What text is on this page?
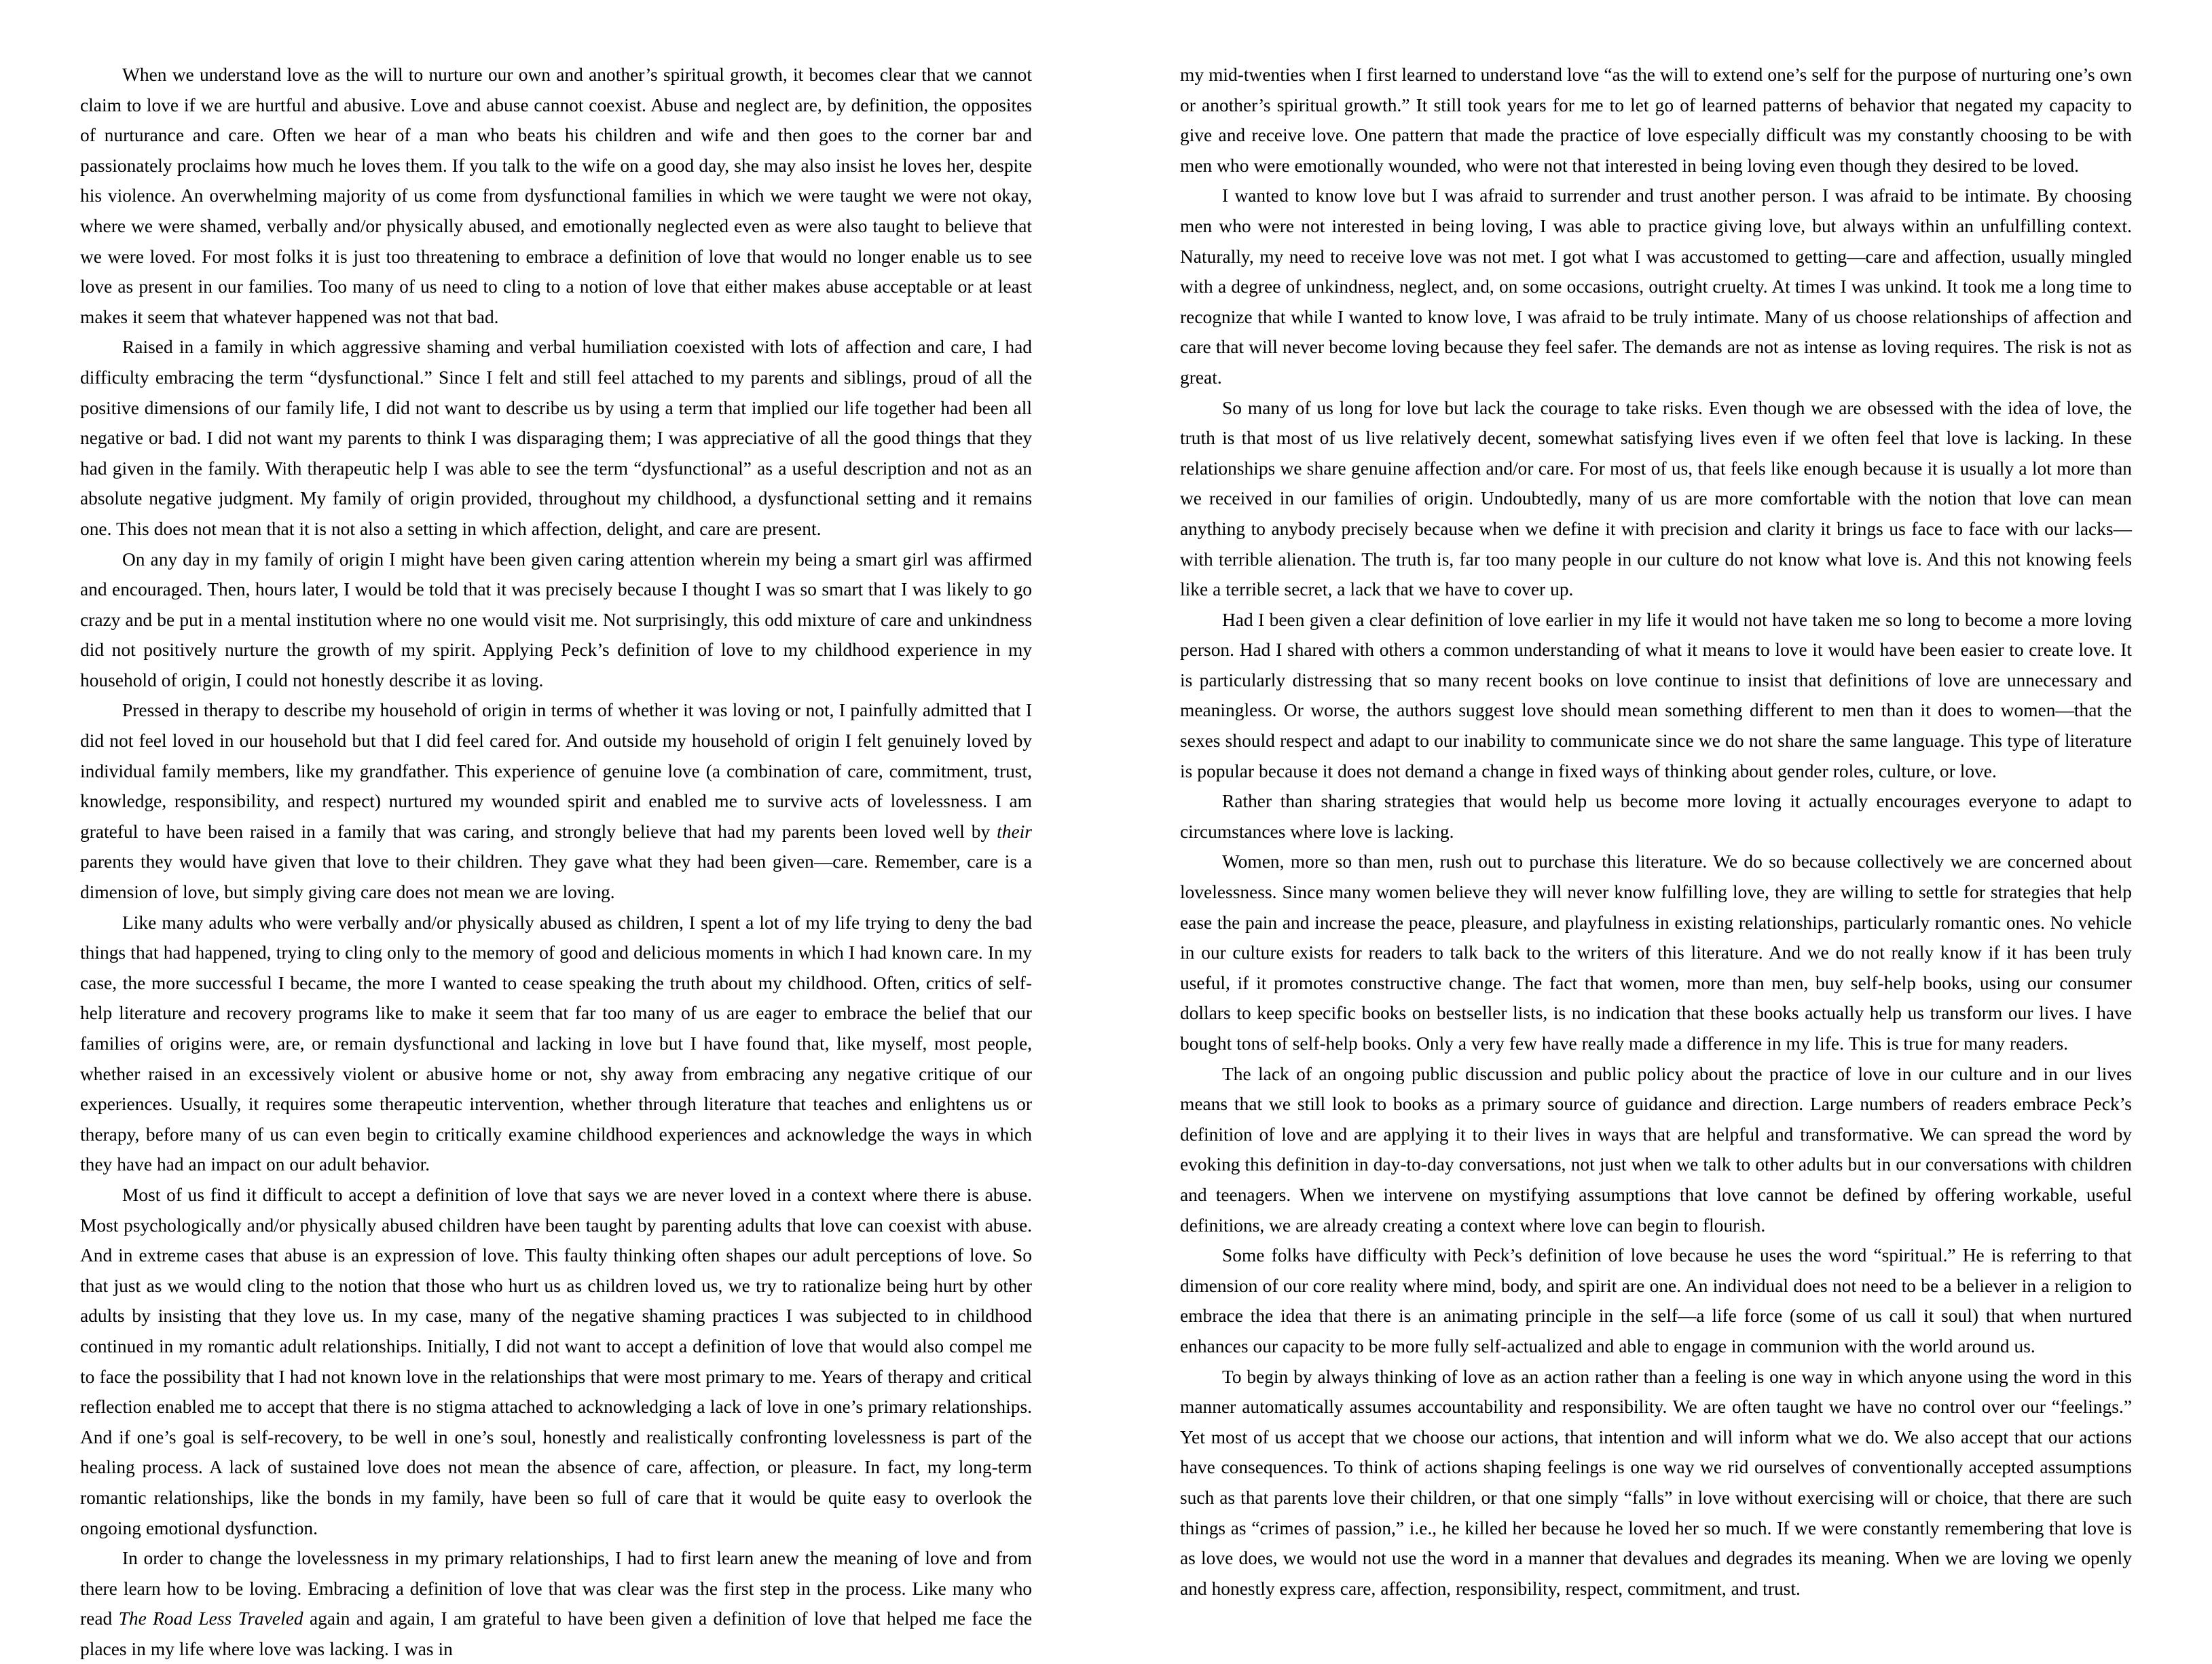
When we understand love as the will to nurture our own and another’s spiritual growth, it becomes clear that we cannot claim to love if we are hurtful and abusive. Love and abuse cannot coexist. Abuse and neglect are, by definition, the opposites of nurturance and care. Often we hear of a man who beats his children and wife and then goes to the corner bar and passionately proclaims how much he loves them. If you talk to the wife on a good day, she may also insist he loves her, despite his violence. An overwhelming majority of us come from dysfunctional families in which we were taught we were not okay, where we were shamed, verbally and/or physically abused, and emotionally neglected even as were also taught to believe that we were loved. For most folks it is just too threatening to embrace a definition of love that would no longer enable us to see love as present in our families. Too many of us need to cling to a notion of love that either makes abuse acceptable or at least makes it seem that whatever happened was not that bad.

Raised in a family in which aggressive shaming and verbal humiliation coexisted with lots of affection and care, I had difficulty embracing the term “dysfunctional.” Since I felt and still feel attached to my parents and siblings, proud of all the positive dimensions of our family life, I did not want to describe us by using a term that implied our life together had been all negative or bad. I did not want my parents to think I was disparaging them; I was appreciative of all the good things that they had given in the family. With therapeutic help I was able to see the term “dysfunctional” as a useful description and not as an absolute negative judgment. My family of origin provided, throughout my childhood, a dysfunctional setting and it remains one. This does not mean that it is not also a setting in which affection, delight, and care are present.

On any day in my family of origin I might have been given caring attention wherein my being a smart girl was affirmed and encouraged. Then, hours later, I would be told that it was precisely because I thought I was so smart that I was likely to go crazy and be put in a mental institution where no one would visit me. Not surprisingly, this odd mixture of care and unkindness did not positively nurture the growth of my spirit. Applying Peck’s definition of love to my childhood experience in my household of origin, I could not honestly describe it as loving.

Pressed in therapy to describe my household of origin in terms of whether it was loving or not, I painfully admitted that I did not feel loved in our household but that I did feel cared for. And outside my household of origin I felt genuinely loved by individual family members, like my grandfather. This experience of genuine love (a combination of care, commitment, trust, knowledge, responsibility, and respect) nurtured my wounded spirit and enabled me to survive acts of lovelessness. I am grateful to have been raised in a family that was caring, and strongly believe that had my parents been loved well by their parents they would have given that love to their children. They gave what they had been given—care. Remember, care is a dimension of love, but simply giving care does not mean we are loving.

Like many adults who were verbally and/or physically abused as children, I spent a lot of my life trying to deny the bad things that had happened, trying to cling only to the memory of good and delicious moments in which I had known care. In my case, the more successful I became, the more I wanted to cease speaking the truth about my childhood. Often, critics of self-help literature and recovery programs like to make it seem that far too many of us are eager to embrace the belief that our families of origins were, are, or remain dysfunctional and lacking in love but I have found that, like myself, most people, whether raised in an excessively violent or abusive home or not, shy away from embracing any negative critique of our experiences. Usually, it requires some therapeutic intervention, whether through literature that teaches and enlightens us or therapy, before many of us can even begin to critically examine childhood experiences and acknowledge the ways in which they have had an impact on our adult behavior.

Most of us find it difficult to accept a definition of love that says we are never loved in a context where there is abuse. Most psychologically and/or physically abused children have been taught by parenting adults that love can coexist with abuse. And in extreme cases that abuse is an expression of love. This faulty thinking often shapes our adult perceptions of love. So that just as we would cling to the notion that those who hurt us as children loved us, we try to rationalize being hurt by other adults by insisting that they love us. In my case, many of the negative shaming practices I was subjected to in childhood continued in my romantic adult relationships. Initially, I did not want to accept a definition of love that would also compel me to face the possibility that I had not known love in the relationships that were most primary to me. Years of therapy and critical reflection enabled me to accept that there is no stigma attached to acknowledging a lack of love in one’s primary relationships. And if one’s goal is self-recovery, to be well in one’s soul, honestly and realistically confronting lovelessness is part of the healing process. A lack of sustained love does not mean the absence of care, affection, or pleasure. In fact, my long-term romantic relationships, like the bonds in my family, have been so full of care that it would be quite easy to overlook the ongoing emotional dysfunction.

In order to change the lovelessness in my primary relationships, I had to first learn anew the meaning of love and from there learn how to be loving. Embracing a definition of love that was clear was the first step in the process. Like many who read The Road Less Traveled again and again, I am grateful to have been given a definition of love that helped me face the places in my life where love was lacking. I was in

my mid-twenties when I first learned to understand love “as the will to extend one’s self for the purpose of nurturing one’s own or another’s spiritual growth.” It still took years for me to let go of learned patterns of behavior that negated my capacity to give and receive love. One pattern that made the practice of love especially difficult was my constantly choosing to be with men who were emotionally wounded, who were not that interested in being loving even though they desired to be loved.

I wanted to know love but I was afraid to surrender and trust another person. I was afraid to be intimate. By choosing men who were not interested in being loving, I was able to practice giving love, but always within an unfulfilling context. Naturally, my need to receive love was not met. I got what I was accustomed to getting—care and affection, usually mingled with a degree of unkindness, neglect, and, on some occasions, outright cruelty. At times I was unkind. It took me a long time to recognize that while I wanted to know love, I was afraid to be truly intimate. Many of us choose relationships of affection and care that will never become loving because they feel safer. The demands are not as intense as loving requires. The risk is not as great.

So many of us long for love but lack the courage to take risks. Even though we are obsessed with the idea of love, the truth is that most of us live relatively decent, somewhat satisfying lives even if we often feel that love is lacking. In these relationships we share genuine affection and/or care. For most of us, that feels like enough because it is usually a lot more than we received in our families of origin. Undoubtedly, many of us are more comfortable with the notion that love can mean anything to anybody precisely because when we define it with precision and clarity it brings us face to face with our lacks—with terrible alienation. The truth is, far too many people in our culture do not know what love is. And this not knowing feels like a terrible secret, a lack that we have to cover up.

Had I been given a clear definition of love earlier in my life it would not have taken me so long to become a more loving person. Had I shared with others a common understanding of what it means to love it would have been easier to create love. It is particularly distressing that so many recent books on love continue to insist that definitions of love are unnecessary and meaningless. Or worse, the authors suggest love should mean something different to men than it does to women—that the sexes should respect and adapt to our inability to communicate since we do not share the same language. This type of literature is popular because it does not demand a change in fixed ways of thinking about gender roles, culture, or love.

Rather than sharing strategies that would help us become more loving it actually encourages everyone to adapt to circumstances where love is lacking.

Women, more so than men, rush out to purchase this literature. We do so because collectively we are concerned about lovelessness. Since many women believe they will never know fulfilling love, they are willing to settle for strategies that help ease the pain and increase the peace, pleasure, and playfulness in existing relationships, particularly romantic ones. No vehicle in our culture exists for readers to talk back to the writers of this literature. And we do not really know if it has been truly useful, if it promotes constructive change. The fact that women, more than men, buy self-help books, using our consumer dollars to keep specific books on bestseller lists, is no indication that these books actually help us transform our lives. I have bought tons of self-help books. Only a very few have really made a difference in my life. This is true for many readers.

The lack of an ongoing public discussion and public policy about the practice of love in our culture and in our lives means that we still look to books as a primary source of guidance and direction. Large numbers of readers embrace Peck’s definition of love and are applying it to their lives in ways that are helpful and transformative. We can spread the word by evoking this definition in day-to-day conversations, not just when we talk to other adults but in our conversations with children and teenagers. When we intervene on mystifying assumptions that love cannot be defined by offering workable, useful definitions, we are already creating a context where love can begin to flourish.

Some folks have difficulty with Peck’s definition of love because he uses the word “spiritual.” He is referring to that dimension of our core reality where mind, body, and spirit are one. An individual does not need to be a believer in a religion to embrace the idea that there is an animating principle in the self—a life force (some of us call it soul) that when nurtured enhances our capacity to be more fully self-actualized and able to engage in communion with the world around us.

To begin by always thinking of love as an action rather than a feeling is one way in which anyone using the word in this manner automatically assumes accountability and responsibility. We are often taught we have no control over our “feelings.” Yet most of us accept that we choose our actions, that intention and will inform what we do. We also accept that our actions have consequences. To think of actions shaping feelings is one way we rid ourselves of conventionally accepted assumptions such as that parents love their children, or that one simply “falls” in love without exercising will or choice, that there are such things as “crimes of passion,” i.e., he killed her because he loved her so much. If we were constantly remembering that love is as love does, we would not use the word in a manner that devalues and degrades its meaning. When we are loving we openly and honestly express care, affection, responsibility, respect, commitment, and trust.
